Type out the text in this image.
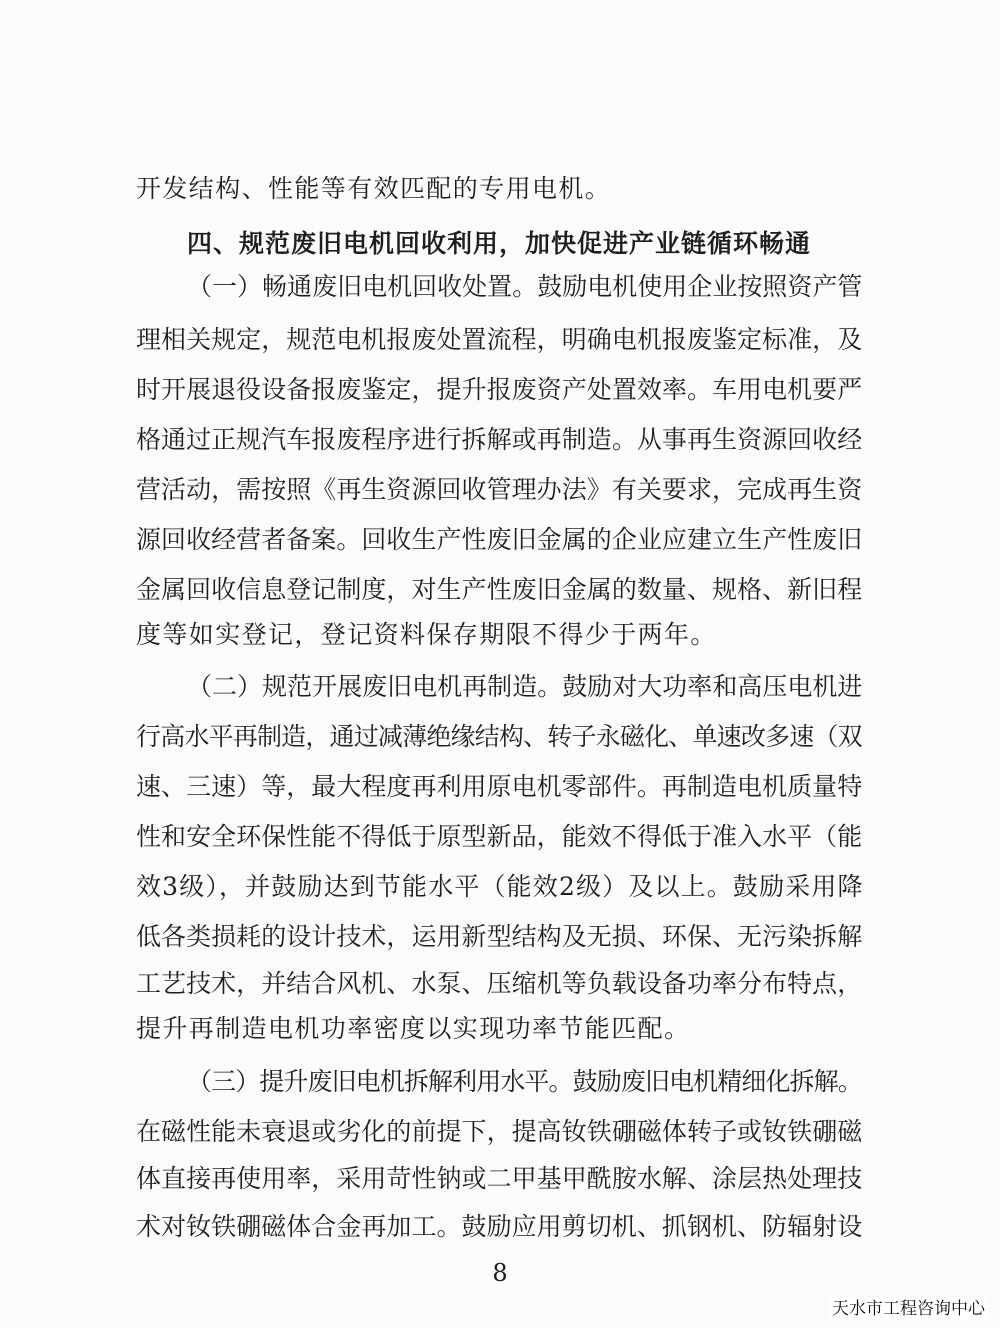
开发结构、性能等有效匹配的专用电机。
四、规范废旧电机回收利用，加快促进产业链循环畅通
（一）畅通废旧电机回收处置。鼓励电机使用企业按照资产管
理相关规定，规范电机报废处置流程，明确电机报废鉴定标准，及
时开展退役设备报废鉴定，提升报废资产处置效率。车用电机要严
格通过正规汽车报废程序进行拆解或再制造。从事再生资源回收经
营活动，需按照《再生资源回收管理办法》有关要求，完成再生资
源回收经营者备案。回收生产性废旧金属的企业应建立生产性废旧
金属回收信息登记制度，对生产性废旧金属的数量、规格、新旧程
度等如实登记，登记资料保存期限不得少于两年。
（二）规范开展废旧电机再制造。鼓励对大功率和高压电机进
行高水平再制造，通过减薄绝缘结构、转子永磁化、单速改多速（双
速、三速）等，最大程度再利用原电机零部件。再制造电机质量特
性和安全环保性能不得低于原型新品，能效不得低于准入水平（能
效3级），并鼓励达到节能水平（能效2级）及以上。鼓励采用降
低各类损耗的设计技术，运用新型结构及无损、环保、无污染拆解
工艺技术，并结合风机、水泵、压缩机等负载设备功率分布特点，
提升再制造电机功率密度以实现功率节能匹配。
（三）提升废旧电机拆解利用水平。鼓励废旧电机精细化拆解。
在磁性能未衰退或劣化的前提下，提高钕铁硼磁体转子或钕铁硼磁
体直接再使用率，采用苛性钠或二甲基甲酰胺水解、涂层热处理技
术对钕铁硼磁体合金再加工。鼓励应用剪切机、抓钢机、防辐射设
8
天水市工程咨询中心
